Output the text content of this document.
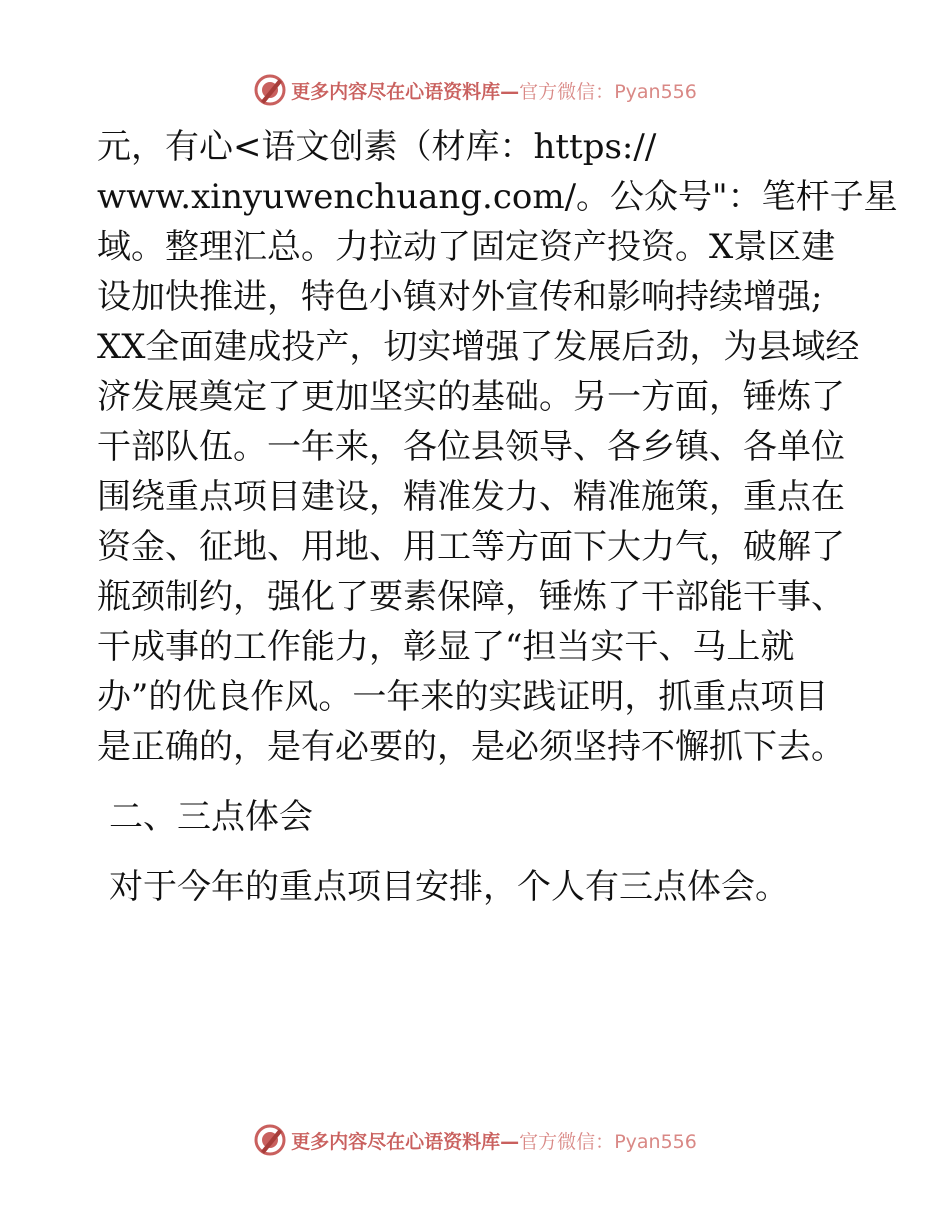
更多内容尽在心语资料库—官方微信：Pyan556

元，有心<语文创素（材库：https://
www.xinyuwenchuang.com/。公众号"：笔杆子星
域。整理汇总。力拉动了固定资产投资。X景区建
设加快推进，特色小镇对外宣传和影响持续增强;
XX全面建成投产，切实增强了发展后劲，为县域经
济发展奠定了更加坚实的基础。另一方面，锤炼了
干部队伍。一年来，各位县领导、各乡镇、各单位
围绕重点项目建设，精准发力、精准施策，重点在
资金、征地、用地、用工等方面下大力气，破解了
瓶颈制约，强化了要素保障，锤炼了干部能干事、
干成事的工作能力，彰显了“担当实干、马上就
办”的优良作风。一年来的实践证明，抓重点项目
是正确的，是有必要的，是必须坚持不懈抓下去。

二、三点体会

对于今年的重点项目安排，个人有三点体会。

更多内容尽在心语资料库—官方微信：Pyan556
